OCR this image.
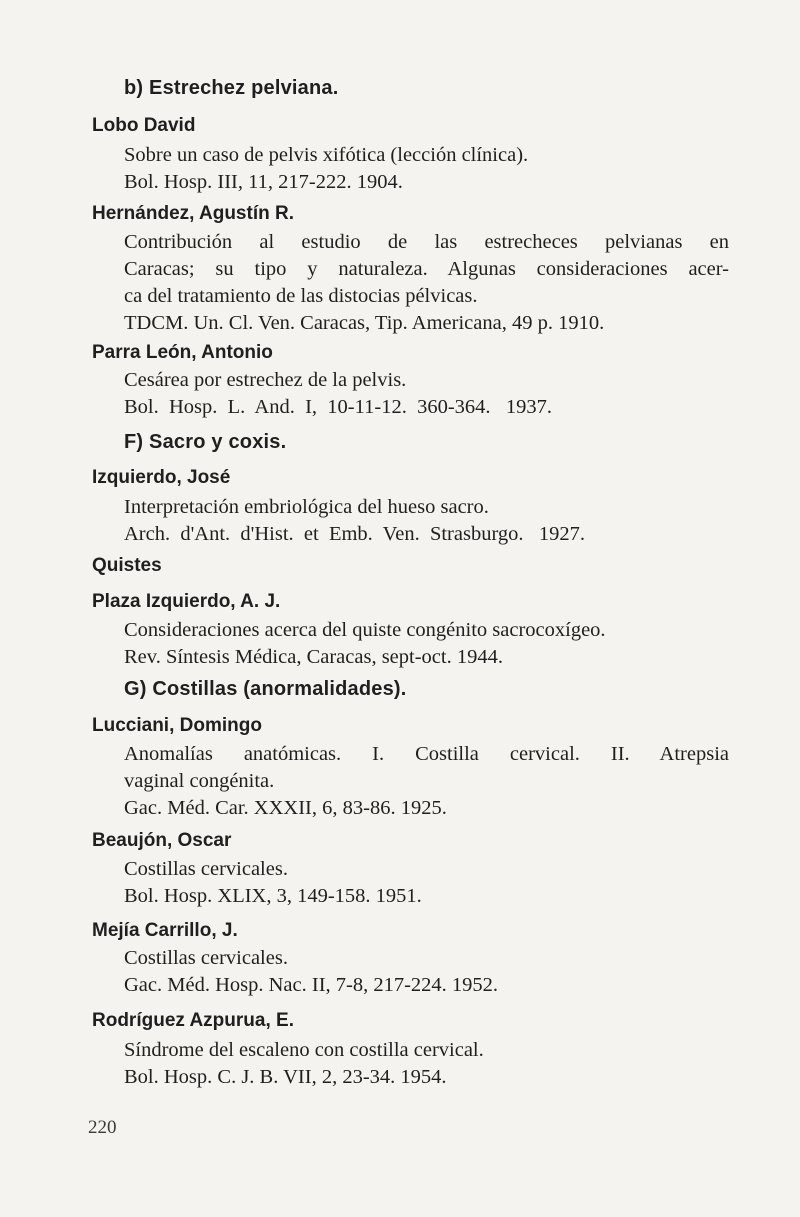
b) Estrechez pelviana.
Lobo David
Sobre un caso de pelvis xifótica (lección clínica).
Bol. Hosp. III, 11, 217-222. 1904.
Hernández, Agustín R.
Contribución al estudio de las estrecheces pelvianas en
Caracas; su tipo y naturaleza. Algunas consideraciones acer-
ca del tratamiento de las distocias pélvicas.
TDCM. Un. Cl. Ven. Caracas, Tip. Americana, 49 p. 1910.
Parra León, Antonio
Cesárea por estrechez de la pelvis.
Bol.  Hosp.  L.  And.  I,  10-11-12.  360-364.   1937.
F) Sacro y coxis.
Izquierdo, José
Interpretación embriológica del hueso sacro.
Arch.  d'Ant.  d'Hist.  et  Emb.  Ven.  Strasburgo.   1927.
Quistes
Plaza Izquierdo, A. J.
Consideraciones acerca del quiste congénito sacrocoxígeo.
Rev. Síntesis Médica, Caracas, sept-oct. 1944.
G) Costillas (anormalidades).
Lucciani, Domingo
Anomalías anatómicas. I. Costilla cervical. II. Atrepsia
vaginal congénita.
Gac. Méd. Car. XXXII, 6, 83-86. 1925.
Beaujón, Oscar
Costillas cervicales.
Bol. Hosp. XLIX, 3, 149-158. 1951.
Mejía Carrillo, J.
Costillas cervicales.
Gac. Méd. Hosp. Nac. II, 7-8, 217-224. 1952.
Rodríguez Azpurua, E.
Síndrome del escaleno con costilla cervical.
Bol. Hosp. C. J. B. VII, 2, 23-34. 1954.
220
